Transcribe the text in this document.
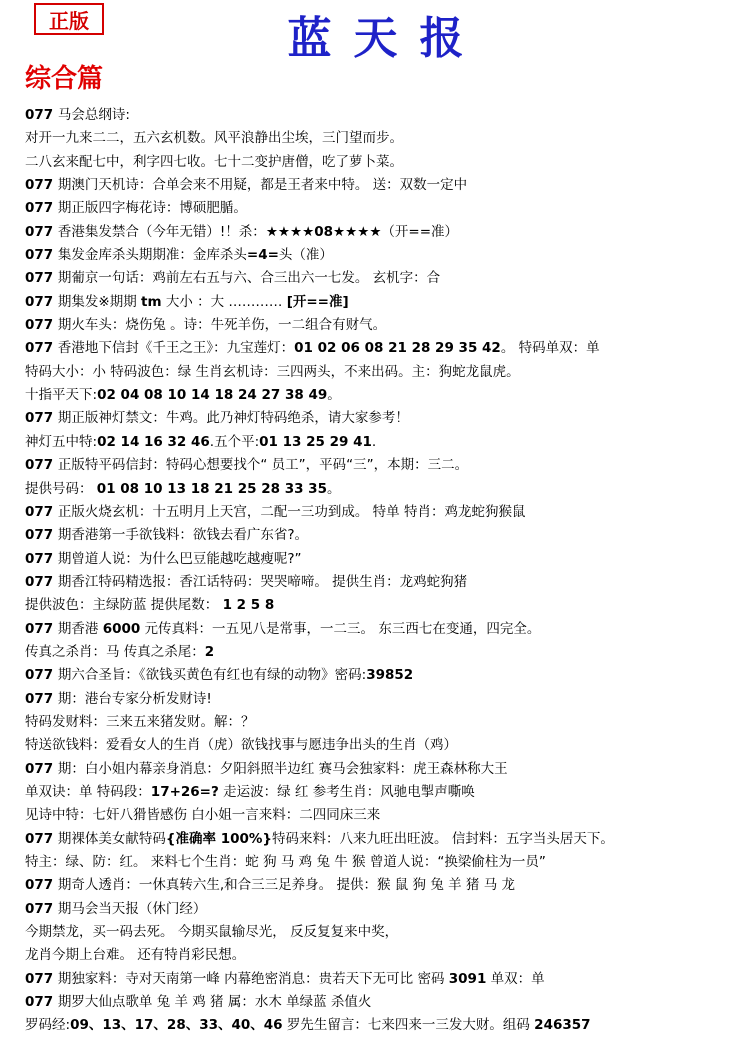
正版	蓝天报
综合篇
077 马会总纲诗:
对开一九来二二，五六玄机数。风平浪静出尘埃，三门望而步。
二八玄来配七中，利字四七收。七十二变护唐僧，吃了萝卜菜。
077 期澳门天机诗：合单会来不用疑，都是王者来中特。 送：双数一定中
077 期正版四字梅花诗：博硕肥腯。
077 香港集发禁合（今年无错）!！杀：★★★★08★★★★（开==准）
077 集发金库杀头期期准：金库杀头=4=头（准）
077 期葡京一句话：鸡前左右五与六、合三出六一七发。 玄机字：合
077 期集发※期期 tm 大小 ：大 ………… [开==准]
077 期火车头：烧伤兔 。诗：牛死羊伤，一二组合有财气。
077 香港地下信封《千王之王》：九宝莲灯：01 02 06 08 21 28 29 35 42。 特码单双：单
特码大小：小 特码波色：绿 生肖玄机诗：三四两头，不来出码。主：狗蛇龙鼠虎。
十指平天下:02 04 08 10 14 18 24 27 38 49。
077 期正版神灯禁文：牛鸡。此乃神灯特码绝杀，请大家参考！
神灯五中特:02 14 16 32 46.五个平:01 13 25 29 41.
077 正版特平码信封：特码心想要找个“ 员工”，平码“三”，本期：三二。
提供号码： 01 08 10 13 18 21 25 28 33 35。
077 正版火烧玄机：十五明月上天宫，二配一三功到成。 特单 特肖：鸡龙蛇狗猴鼠
077 期香港第一手欲钱料：欲钱去看广东省?。
077 期曾道人说：为什么巴豆能越吃越瘦呢?”
077 期香江特码精选报：香江话特码：哭哭啼啼。 提供生肖：龙鸡蛇狗猪
提供波色：主绿防蓝 提供尾数： 1 2 5 8
077 期香港 6000 元传真料：一五见八是常事，一二三。 东三西七在变通，四完全。
传真之杀肖：马 传真之杀尾：2
077 期六合圣旨：《欲钱买黄色有红也有绿的动物》密码:39852
077 期：港台专家分析发财诗!
特码发财料：三来五来猪发财。解：？
特送欲钱料：爱看女人的生肖（虎）欲钱找事与愿违争出头的生肖（鸡）
077 期：白小姐内幕亲身消息：夕阳斜照半边红 赛马会独家料：虎王森林称大王
单双诀：单 特码段：17+26=? 走运波：绿 红 参考生肖：风驰电掣声嘶唤
见诗中特：七奸八猾皆感伤 白小姐一言来料：二四同床三来
077 期裸体美女献特码{准确率 100%}特码来料：八来九旺出旺波。 信封料：五字当头居天下。
特主：绿、防：红。 来料七个生肖：蛇 狗 马 鸡 兔 牛 猴 曾道人说：“换梁偷柱为一员”
077 期奇人透肖：一休真转六生,和合三三足养身。 提供：猴 鼠 狗 兔 羊 猪 马 龙
077 期马会当天报（休门经）
今期禁龙，买一码去死。 今期买鼠输尽光， 反反复复来中奖，
龙肖今期上台难。 还有特肖彩民想。
077 期独家料：寺对天南第一峰 内幕绝密消息：贵若天下无可比 密码 3091 单双：单
077 期罗大仙点歌单 兔 羊 鸡 猪 属：水木 单绿蓝 杀值火
罗码经:09、13、17、28、33、40、46 罗先生留言：七来四来一三发大财。组码 246357
